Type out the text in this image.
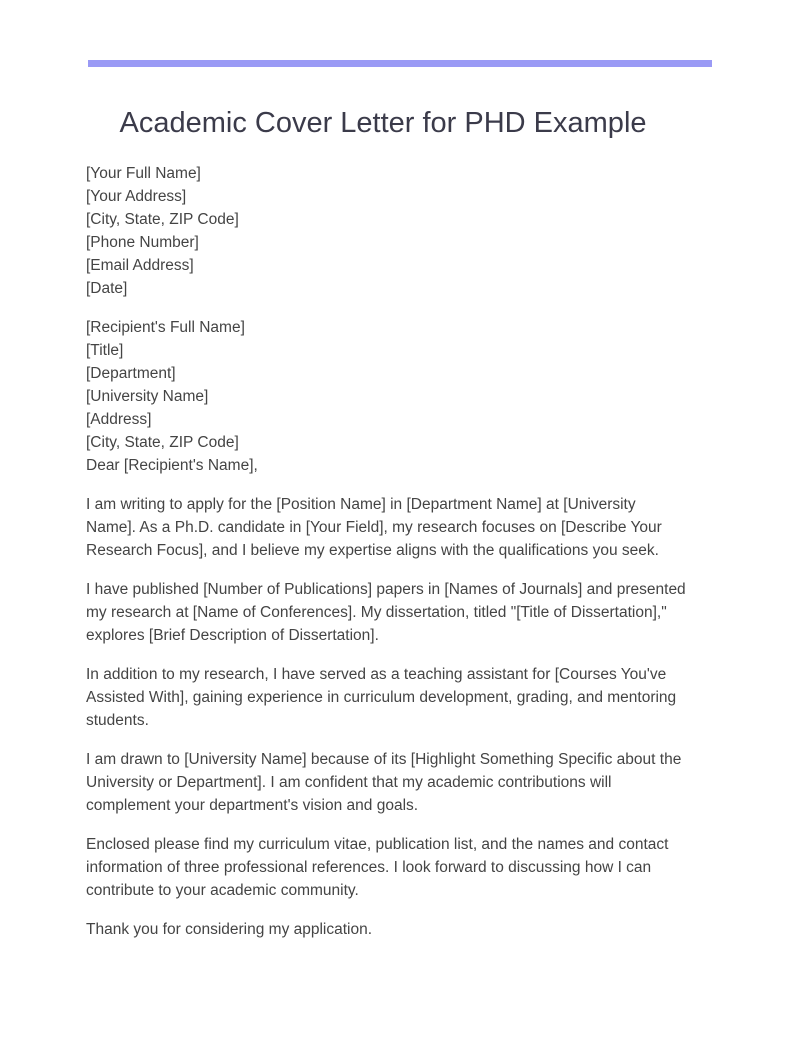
Academic Cover Letter for PHD Example
[Your Full Name]
[Your Address]
[City, State, ZIP Code]
[Phone Number]
[Email Address]
[Date]
[Recipient's Full Name]
[Title]
[Department]
[University Name]
[Address]
[City, State, ZIP Code]
Dear [Recipient's Name],

I am writing to apply for the [Position Name] in [Department Name] at [University Name]. As a Ph.D. candidate in [Your Field], my research focuses on [Describe Your Research Focus], and I believe my expertise aligns with the qualifications you seek.

I have published [Number of Publications] papers in [Names of Journals] and presented my research at [Name of Conferences]. My dissertation, titled "[Title of Dissertation]," explores [Brief Description of Dissertation].

In addition to my research, I have served as a teaching assistant for [Courses You've Assisted With], gaining experience in curriculum development, grading, and mentoring students.

I am drawn to [University Name] because of its [Highlight Something Specific about the University or Department]. I am confident that my academic contributions will complement your department's vision and goals.

Enclosed please find my curriculum vitae, publication list, and the names and contact information of three professional references. I look forward to discussing how I can contribute to your academic community.

Thank you for considering my application.
